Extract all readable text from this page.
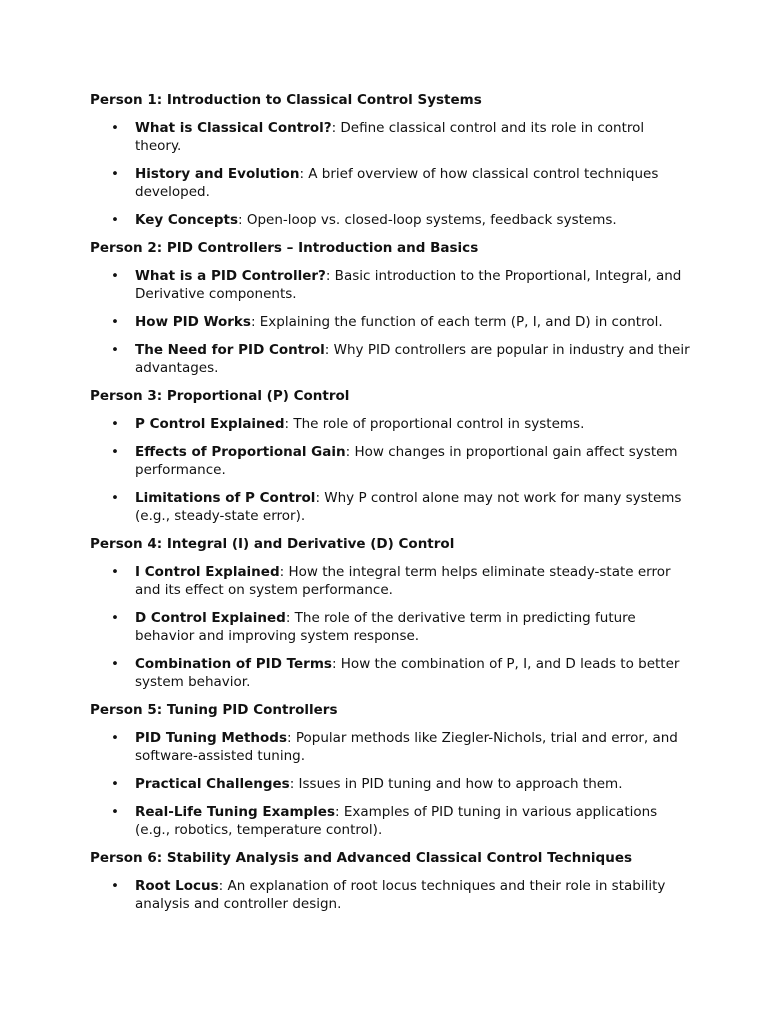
Person 1: Introduction to Classical Control Systems
• What is Classical Control?: Define classical control and its role in control theory.
• History and Evolution: A brief overview of how classical control techniques developed.
• Key Concepts: Open-loop vs. closed-loop systems, feedback systems.
Person 2: PID Controllers – Introduction and Basics
• What is a PID Controller?: Basic introduction to the Proportional, Integral, and Derivative components.
• How PID Works: Explaining the function of each term (P, I, and D) in control.
• The Need for PID Control: Why PID controllers are popular in industry and their advantages.
Person 3: Proportional (P) Control
• P Control Explained: The role of proportional control in systems.
• Effects of Proportional Gain: How changes in proportional gain affect system performance.
• Limitations of P Control: Why P control alone may not work for many systems (e.g., steady-state error).
Person 4: Integral (I) and Derivative (D) Control
• I Control Explained: How the integral term helps eliminate steady-state error and its effect on system performance.
• D Control Explained: The role of the derivative term in predicting future behavior and improving system response.
• Combination of PID Terms: How the combination of P, I, and D leads to better system behavior.
Person 5: Tuning PID Controllers
• PID Tuning Methods: Popular methods like Ziegler-Nichols, trial and error, and software-assisted tuning.
• Practical Challenges: Issues in PID tuning and how to approach them.
• Real-Life Tuning Examples: Examples of PID tuning in various applications (e.g., robotics, temperature control).
Person 6: Stability Analysis and Advanced Classical Control Techniques
• Root Locus: An explanation of root locus techniques and their role in stability analysis and controller design.
